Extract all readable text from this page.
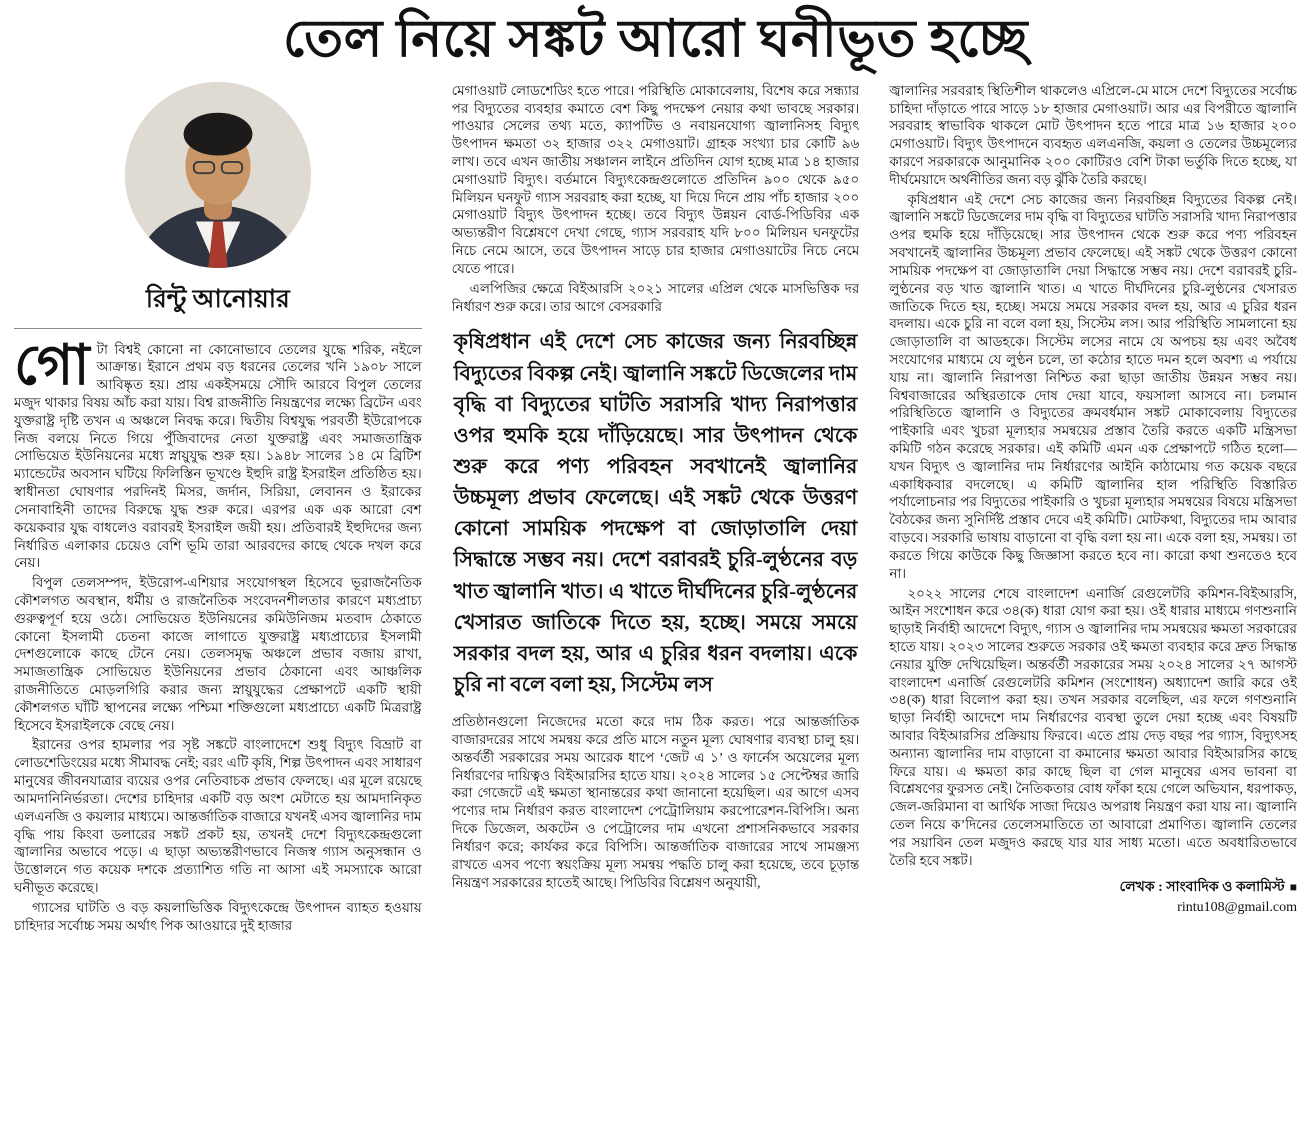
তেল নিয়ে সঙ্কট আরো ঘনীভূত হচ্ছে
রিন্টু আনোয়ার

গোটা বিশ্বই কোনো না কোনোভাবে তেলের যুদ্ধে শরিক, নইলে আক্রান্ত। ইরানে প্রথম বড় ধরনের তেলের খনি ১৯০৮ সালে আবিষ্কৃত হয়। প্রায় একইসময়ে সৌদি আরবে বিপুল তেলের মজুদ থাকার বিষয় আঁচ করা যায়। বিশ্ব রাজনীতি নিয়ন্ত্রণের লক্ষ্যে ব্রিটেন এবং যুক্তরাষ্ট্র দৃষ্টি তখন এ অঞ্চলে নিবদ্ধ করে। দ্বিতীয় বিশ্বযুদ্ধ পরবর্তী ইউরোপকে নিজ বলয়ে নিতে গিয়ে পুঁজিবাদের নেতা যুক্তরাষ্ট্র এবং সমাজতান্ত্রিক সোভিয়েত ইউনিয়নের মধ্যে স্নায়ুযুদ্ধ শুরু হয়। ১৯৪৮ সালের ১৪ মে ব্রিটিশ ম্যান্ডেটের অবসান ঘটিয়ে ফিলিস্তিন ভূখণ্ডে ইহুদি রাষ্ট্র ইসরাইল প্রতিষ্ঠিত হয়। স্বাধীনতা ঘোষণার পরদিনই মিসর, জর্দান, সিরিয়া, লেবানন ও ইরাকের সেনাবাহিনী তাদের বিরুদ্ধে যুদ্ধ শুরু করে। এরপর এক এক আরো বেশ কয়েকবার যুদ্ধ বাধলেও বরাবরই ইসরাইল জয়ী হয়। প্রতিবারই ইহুদিদের জন্য নির্ধারিত এলাকার চেয়েও বেশি ভূমি তারা আরবদের কাছে থেকে দখল করে নেয়।

বিপুল তেলসম্পদ, ইউরোপ-এশিয়ার সংযোগস্থল হিসেবে ভূরাজনৈতিক কৌশলগত অবস্থান, ধর্মীয় ও রাজনৈতিক সংবেদনশীলতার কারণে মধ্যপ্রাচ্য গুরুত্বপূর্ণ হয়ে ওঠে। সোভিয়েত ইউনিয়নের কমিউনিজম মতবাদ ঠেকাতে কোনো ইসলামী চেতনা কাজে লাগাতে যুক্তরাষ্ট্র মধ্যপ্রাচ্যের ইসলামী দেশগুলোকে কাছে টেনে নেয়। তেলসমৃদ্ধ অঞ্চলে প্রভাব বজায় রাখা, সমাজতান্ত্রিক সোভিয়েত ইউনিয়নের প্রভাব ঠেকানো এবং আঞ্চলিক রাজনীতিতে মোড়লগিরি করার জন্য স্নায়ুযুদ্ধের প্রেক্ষাপটে একটি স্থায়ী কৌশলগত ঘাঁটি স্থাপনের লক্ষ্যে পশ্চিমা শক্তিগুলো মধ্যপ্রাচ্যে একটি মিত্ররাষ্ট্র হিসেবে ইসরাইলকে বেছে নেয়।

ইরানের ওপর হামলার পর সৃষ্ট সঙ্কটে বাংলাদেশে শুধু বিদ্যুৎ বিভ্রাট বা লোডশেডিংয়ের মধ্যে সীমাবদ্ধ নেই; বরং এটি কৃষি, শিল্প উৎপাদন এবং সাধারণ মানুষের জীবনযাত্রার ব্যয়ের ওপর নেতিবাচক প্রভাব ফেলছে। এর মূলে রয়েছে আমদানিনির্ভরতা। দেশের চাহিদার একটি বড় অংশ মেটাতে হয় আমদানিকৃত এলএনজি ও কয়লার মাধ্যমে। আন্তর্জাতিক বাজারে যখনই এসব জ্বালানির দাম বৃদ্ধি পায় কিংবা ডলারের সঙ্কট প্রকট হয়, তখনই দেশে বিদ্যুৎকেন্দ্রগুলো জ্বালানির অভাবে পড়ে। এ ছাড়া অভ্যন্তরীণভাবে নিজস্ব গ্যাস অনুসন্ধান ও উত্তোলনে গত কয়েক দশকে প্রত্যাশিত গতি না আসা এই সমস্যাকে আরো ঘনীভূত করেছে।

গ্যাসের ঘাটতি ও বড় কয়লাভিত্তিক বিদ্যুৎকেন্দ্রে উৎপাদন ব্যাহত হওয়ায় চাহিদার সর্বোচ্চ সময় অর্থাৎ পিক আওয়ারে দুই হাজার

মেগাওয়াট লোডশেডিং হতে পারে। পরিস্থিতি মোকাবেলায়, বিশেষ করে সন্ধ্যার পর বিদ্যুতের ব্যবহার কমাতে বেশ কিছু পদক্ষেপ নেয়ার কথা ভাবছে সরকার। পাওয়ার সেলের তথ্য মতে, ক্যাপটিভ ও নবায়নযোগ্য জ্বালানিসহ বিদ্যুৎ উৎপাদন ক্ষমতা ৩২ হাজার ৩২২ মেগাওয়াট। গ্রাহক সংখ্যা চার কোটি ৯৬ লাখ। তবে এখন জাতীয় সঞ্চালন লাইনে প্রতিদিন যোগ হচ্ছে মাত্র ১৪ হাজার মেগাওয়াট বিদ্যুৎ। বর্তমানে বিদ্যুৎকেন্দ্রগুলোতে প্রতিদিন ৯০০ থেকে ৯৫০ মিলিয়ন ঘনফুট গ্যাস সরবরাহ করা হচ্ছে, যা দিয়ে দিনে প্রায় পাঁচ হাজার ২০০ মেগাওয়াট বিদ্যুৎ উৎপাদন হচ্ছে। তবে বিদ্যুৎ উন্নয়ন বোর্ড-পিডিবির এক অভ্যন্তরীণ বিশ্লেষণে দেখা গেছে, গ্যাস সরবরাহ যদি ৮০০ মিলিয়ন ঘনফুটের নিচে নেমে আসে, তবে উৎপাদন সাড়ে চার হাজার মেগাওয়াটের নিচে নেমে যেতে পারে।

এলপিজির ক্ষেত্রে বিইআরসি ২০২১ সালের এপ্রিল থেকে মাসভিত্তিক দর নির্ধারণ শুরু করে। তার আগে বেসরকারি

কৃষিপ্রধান এই দেশে সেচ কাজের জন্য নিরবচ্ছিন্ন বিদ্যুতের বিকল্প নেই। জ্বালানি সঙ্কটে ডিজেলের দাম বৃদ্ধি বা বিদ্যুতের ঘাটতি সরাসরি খাদ্য নিরাপত্তার ওপর হুমকি হয়ে দাঁড়িয়েছে। সার উৎপাদন থেকে শুরু করে পণ্য পরিবহন সবখানেই জ্বালানির উচ্চমূল্য প্রভাব ফেলেছে। এই সঙ্কট থেকে উত্তরণ কোনো সাময়িক পদক্ষেপ বা জোড়াতালি দেয়া সিদ্ধান্তে সম্ভব নয়। দেশে বরাবরই চুরি-লুণ্ঠনের বড় খাত জ্বালানি খাত। এ খাতে দীর্ঘদিনের চুরি-লুণ্ঠনের খেসারত জাতিকে দিতে হয়, হচ্ছে। সময়ে সময়ে সরকার বদল হয়, আর এ চুরির ধরন বদলায়। একে চুরি না বলে বলা হয়, সিস্টেম লস

প্রতিষ্ঠানগুলো নিজেদের মতো করে দাম ঠিক করত। পরে আন্তর্জাতিক বাজারদরের সাথে সমন্বয় করে প্রতি মাসে নতুন মূল্য ঘোষণার ব্যবস্থা চালু হয়। অন্তর্বর্তী সরকারের সময় আরেক ধাপে ‘জেট এ ১’ ও ফার্নেস অয়েলের মূল্য নির্ধারণের দায়িত্বও বিইআরসির হাতে যায়। ২০২৪ সালের ১৫ সেপ্টেম্বর জারি করা গেজেটে এই ক্ষমতা স্থানান্তরের কথা জানানো হয়েছিল। এর আগে এসব পণ্যের দাম নির্ধারণ করত বাংলাদেশ পেট্রোলিয়াম করপোরেশন-বিপিসি। অন্য দিকে ডিজেল, অকটেন ও পেট্রোলের দাম এখনো প্রশাসনিকভাবে সরকার নির্ধারণ করে; কার্যকর করে বিপিসি। আন্তর্জাতিক বাজারের সাথে সামঞ্জস্য রাখতে এসব পণ্যে স্বয়ংক্রিয় মূল্য সমন্বয় পদ্ধতি চালু করা হয়েছে, তবে চূড়ান্ত নিয়ন্ত্রণ সরকারের হাতেই আছে। পিডিবির বিশ্লেষণ অনুযায়ী,

জ্বালানির সরবরাহ স্থিতিশীল থাকলেও এপ্রিলে-মে মাসে দেশে বিদ্যুতের সর্বোচ্চ চাহিদা দাঁড়াতে পারে সাড়ে ১৮ হাজার মেগাওয়াট। আর এর বিপরীতে জ্বালানি সরবরাহ স্বাভাবিক থাকলে মোট উৎপাদন হতে পারে মাত্র ১৬ হাজার ২০০ মেগাওয়াট। বিদ্যুৎ উৎপাদনে ব্যবহৃত এলএনজি, কয়লা ও তেলের উচ্চমূল্যের কারণে সরকারকে আনুমানিক ২০০ কোটিরও বেশি টাকা ভর্তুকি দিতে হচ্ছে, যা দীর্ঘমেয়াদে অর্থনীতির জন্য বড় ঝুঁকি তৈরি করছে।

কৃষিপ্রধান এই দেশে সেচ কাজের জন্য নিরবচ্ছিন্ন বিদ্যুতের বিকল্প নেই। জ্বালানি সঙ্কটে ডিজেলের দাম বৃদ্ধি বা বিদ্যুতের ঘাটতি সরাসরি খাদ্য নিরাপত্তার ওপর হুমকি হয়ে দাঁড়িয়েছে। সার উৎপাদন থেকে শুরু করে পণ্য পরিবহন সবখানেই জ্বালানির উচ্চমূল্য প্রভাব ফেলেছে। এই সঙ্কট থেকে উত্তরণ কোনো সাময়িক পদক্ষেপ বা জোড়াতালি দেয়া সিদ্ধান্তে সম্ভব নয়। দেশে বরাবরই চুরি-লুণ্ঠনের বড় খাত জ্বালানি খাত। এ খাতে দীর্ঘদিনের চুরি-লুণ্ঠনের খেসারত জাতিকে দিতে হয়, হচ্ছে। সময়ে সময়ে সরকার বদল হয়, আর এ চুরির ধরন বদলায়। একে চুরি না বলে বলা হয়, সিস্টেম লস। আর পরিস্থিতি সামলানো হয় জোড়াতালি বা আডহকে। সিস্টেম লসের নামে যে অপচয় হয় এবং অবৈধ সংযোগের মাধ্যমে যে লুণ্ঠন চলে, তা কঠোর হাতে দমন হলে অবশ্য এ পর্যায়ে যায় না। জ্বালানি নিরাপত্তা নিশ্চিত করা ছাড়া জাতীয় উন্নয়ন সম্ভব নয়। বিশ্ববাজারের অস্থিরতাকে দোষ দেয়া যাবে, ফয়সালা আসবে না। চলমান পরিস্থিতিতে জ্বালানি ও বিদ্যুতের ক্রমবর্ধমান সঙ্কট মোকাবেলায় বিদ্যুতের পাইকারি এবং খুচরা মূল্যহার সমন্বয়ের প্রস্তাব তৈরি করতে একটি মন্ত্রিসভা কমিটি গঠন করেছে সরকার। এই কমিটি এমন এক প্রেক্ষাপটে গঠিত হলো— যখন বিদ্যুৎ ও জ্বালানির দাম নির্ধারণের আইনি কাঠামোয় গত কয়েক বছরে একাধিকবার বদলেছে। এ কমিটি জ্বালানির হাল পরিস্থিতি বিস্তারিত পর্যালোচনার পর বিদ্যুতের পাইকারি ও খুচরা মূল্যহার সমন্বয়ের বিষয়ে মন্ত্রিসভা বৈঠকের জন্য সুনির্দিষ্ট প্রস্তাব দেবে এই কমিটি। মোটকথা, বিদ্যুতের দাম আবার বাড়বে। সরকারি ভাষায় বাড়ানো বা বৃদ্ধি বলা হয় না। একে বলা হয়, সমন্বয়। তা করতে গিয়ে কাউকে কিছু জিজ্ঞাসা করতে হবে না। কারো কথা শুনতেও হবে না।

২০২২ সালের শেষে বাংলাদেশ এনার্জি রেগুলেটরি কমিশন-বিইআরসি, আইন সংশোধন করে ৩৪(ক) ধারা যোগ করা হয়। ওই ধারার মাধ্যমে গণশুনানি ছাড়াই নির্বাহী আদেশে বিদ্যুৎ, গ্যাস ও জ্বালানির দাম সমন্বয়ের ক্ষমতা সরকারের হাতে যায়। ২০২৩ সালের শুরুতে সরকার ওই ক্ষমতা ব্যবহার করে দ্রুত সিদ্ধান্ত নেয়ার যুক্তি দেখিয়েছিল। অন্তর্বর্তী সরকারের সময় ২০২৪ সালের ২৭ আগস্ট বাংলাদেশ এনার্জি রেগুলেটরি কমিশন (সংশোধন) অধ্যাদেশ জারি করে ওই ৩৪(ক) ধারা বিলোপ করা হয়। তখন সরকার বলেছিল, এর ফলে গণশুনানি ছাড়া নির্বাহী আদেশে দাম নির্ধারণের ব্যবস্থা তুলে দেয়া হচ্ছে এবং বিষয়টি আবার বিইআরসির প্রক্রিয়ায় ফিরবে। এতে প্রায় দেড় বছর পর গ্যাস, বিদ্যুৎসহ অন্যান্য জ্বালানির দাম বাড়ানো বা কমানোর ক্ষমতা আবার বিইআরসির কাছে ফিরে যায়। এ ক্ষমতা কার কাছে ছিল বা গেল মানুষের এসব ভাবনা বা বিশ্লেষণের ফুরসত নেই। নৈতিকতার বোধ ফাঁকা হয়ে গেলে অভিযান, ধরপাকড়, জেল-জরিমানা বা আর্থিক সাজা দিয়েও অপরাধ নিয়ন্ত্রণ করা যায় না। জ্বালানি তেল নিয়ে ক’দিনের তেলেসমাতিতে তা আবারো প্রমাণিত। জ্বালানি তেলের পর সয়াবিন তেল মজুদও করছে যার যার সাধ্য মতো। এতে অবধারিতভাবে তৈরি হবে সঙ্কট।

লেখক : সাংবাদিক ও কলামিস্ট ■
rintu108@gmail.com
